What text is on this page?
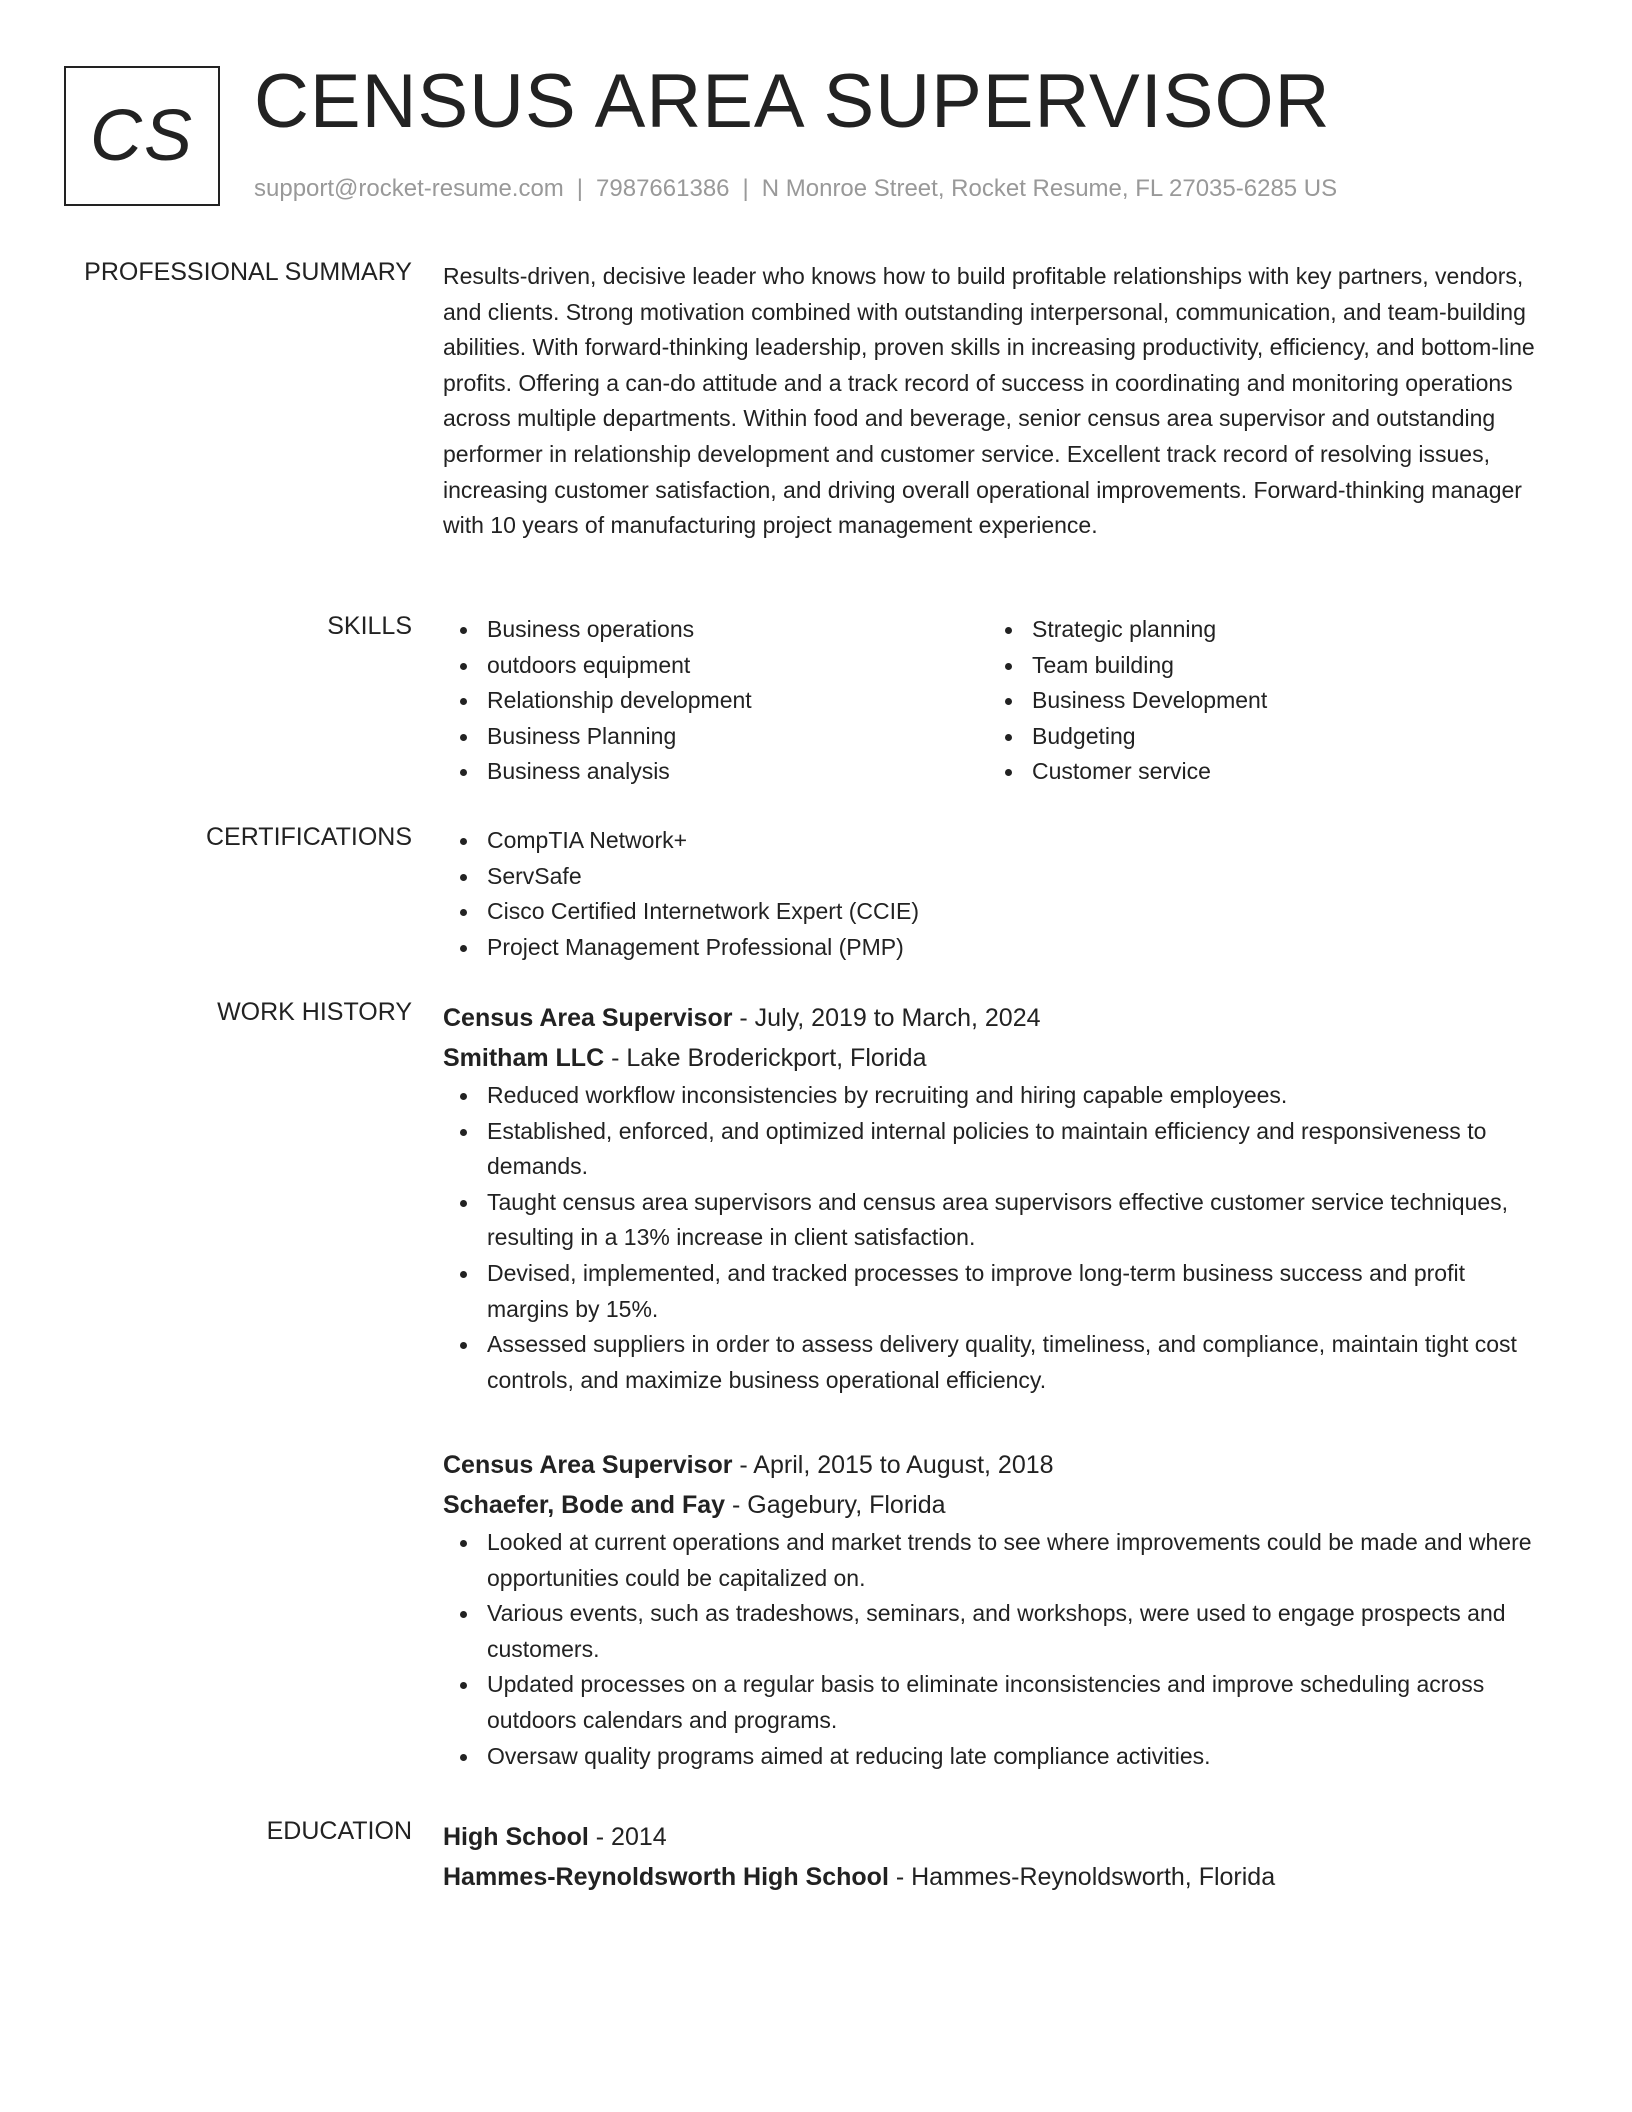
CS CENSUS AREA SUPERVISOR
support@rocket-resume.com | 7987661386 | N Monroe Street, Rocket Resume, FL 27035-6285 US
PROFESSIONAL SUMMARY Results-driven, decisive leader who knows how to build profitable relationships with key partners, vendors, and clients. Strong motivation combined with outstanding interpersonal, communication, and team-building abilities. With forward-thinking leadership, proven skills in increasing productivity, efficiency, and bottom-line profits. Offering a can-do attitude and a track record of success in coordinating and monitoring operations across multiple departments. Within food and beverage, senior census area supervisor and outstanding performer in relationship development and customer service. Excellent track record of resolving issues, increasing customer satisfaction, and driving overall operational improvements. Forward-thinking manager with 10 years of manufacturing project management experience.

SKILLS	Business operations
outdoors equipment
Relationship development
Business Planning
Business analysis
Strategic planning
Team building
Business Development
Budgeting
Customer service
CERTIFICATIONS	CompTIA Network+
ServSafe
Cisco Certified Internetwork Expert (CCIE)
Project Management Professional (PMP)
WORK HISTORY Census Area Supervisor - July, 2019 to March, 2024
Smitham LLC - Lake Broderickport, Florida
Reduced workflow inconsistencies by recruiting and hiring capable employees.
Established, enforced, and optimized internal policies to maintain efficiency and responsiveness to demands.
Taught census area supervisors and census area supervisors effective customer service techniques, resulting in a 13% increase in client satisfaction.
Devised, implemented, and tracked processes to improve long-term business success and profit margins by 15%.
Assessed suppliers in order to assess delivery quality, timeliness, and compliance, maintain tight cost controls, and maximize business operational efficiency.
Census Area Supervisor - April, 2015 to August, 2018
Schaefer, Bode and Fay - Gagebury, Florida
Looked at current operations and market trends to see where improvements could be made and where opportunities could be capitalized on.
Various events, such as tradeshows, seminars, and workshops, were used to engage prospects and customers.
Updated processes on a regular basis to eliminate inconsistencies and improve scheduling across outdoors calendars and programs.
Oversaw quality programs aimed at reducing late compliance activities.
EDUCATION High School - 2014
Hammes-Reynoldsworth High School - Hammes-Reynoldsworth, Florida
